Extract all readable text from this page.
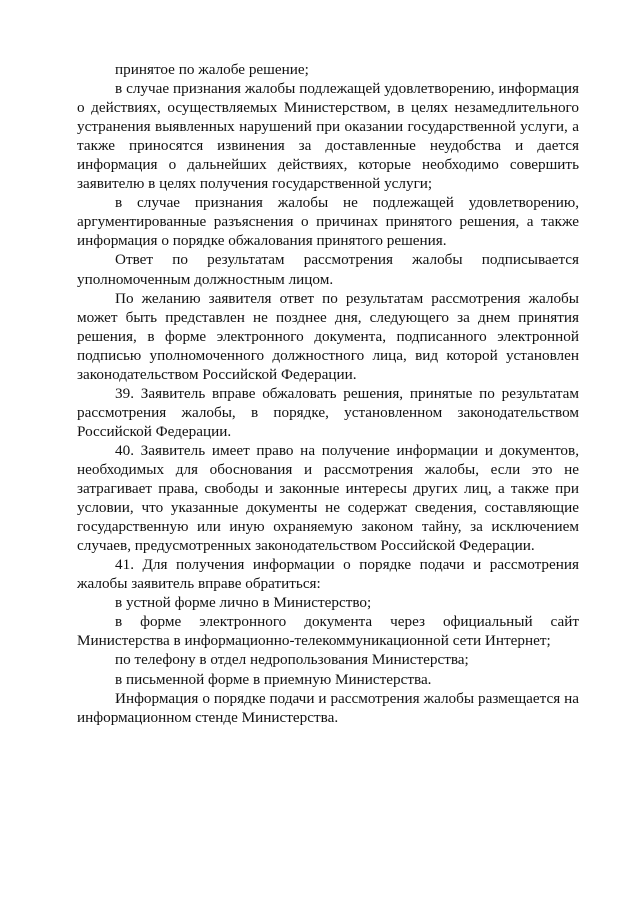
принятое по жалобе решение;

в случае признания жалобы подлежащей удовлетворению, информация о действиях, осуществляемых Министерством, в целях незамедлительного устранения выявленных нарушений при оказании государственной услуги, а также приносятся извинения за доставленные неудобства и дается информация о дальнейших действиях, которые необходимо совершить заявителю в целях получения государственной услуги;

в случае признания жалобы не подлежащей удовлетворению, аргументированные разъяснения о причинах принятого решения, а также информация о порядке обжалования принятого решения.

Ответ по результатам рассмотрения жалобы подписывается уполномоченным должностным лицом.

По желанию заявителя ответ по результатам рассмотрения жалобы может быть представлен не позднее дня, следующего за днем принятия решения, в форме электронного документа, подписанного электронной подписью уполномоченного должностного лица, вид которой установлен законодательством Российской Федерации.

39. Заявитель вправе обжаловать решения, принятые по результатам рассмотрения жалобы, в порядке, установленном законодательством Российской Федерации.

40. Заявитель имеет право на получение информации и документов, необходимых для обоснования и рассмотрения жалобы, если это не затрагивает права, свободы и законные интересы других лиц, а также при условии, что указанные документы не содержат сведения, составляющие государственную или иную охраняемую законом тайну, за исключением случаев, предусмотренных законодательством Российской Федерации.

41. Для получения информации о порядке подачи и рассмотрения жалобы заявитель вправе обратиться:

в устной форме лично в Министерство;

в форме электронного документа через официальный сайт Министерства в информационно-телекоммуникационной сети Интернет;

по телефону в отдел недропользования Министерства;

в письменной форме в приемную Министерства.

Информация о порядке подачи и рассмотрения жалобы размещается на информационном стенде Министерства.
